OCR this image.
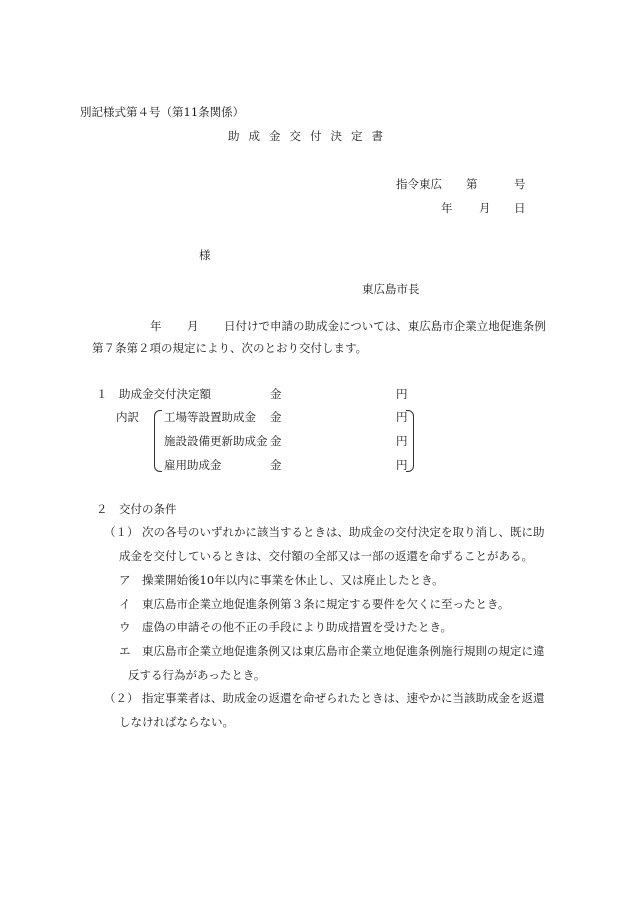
別記様式第４号（第11条関係）
助成金交付決定書
指令東広 第	号
年 月 日
様
東広島市長
年 月 日付けで申請の助成金については、東広島市企業立地促進条例
第７条第２項の規定により、次のとおり交付します。
１　助成金交付決定額	金	円
内訳 工場等設置助成金 金	円
施設設備更新助成金 金	円
雇用助成金	金	円
２　交付の条件
（１） 次の各号のいずれかに該当するときは、助成金の交付決定を取り消し、既に助
成金を交付しているときは、交付額の全部又は一部の返還を命ずることがある。
ア 操業開始後10年以内に事業を休止し、又は廃止したとき。
イ 東広島市企業立地促進条例第３条に規定する要件を欠くに至ったとき。
ウ 虚偽の申請その他不正の手段により助成措置を受けたとき。
エ 東広島市企業立地促進条例又は東広島市企業立地促進条例施行規則の規定に違
反する行為があったとき。
（２） 指定事業者は、助成金の返還を命ぜられたときは、速やかに当該助成金を返還
しなければならない。
